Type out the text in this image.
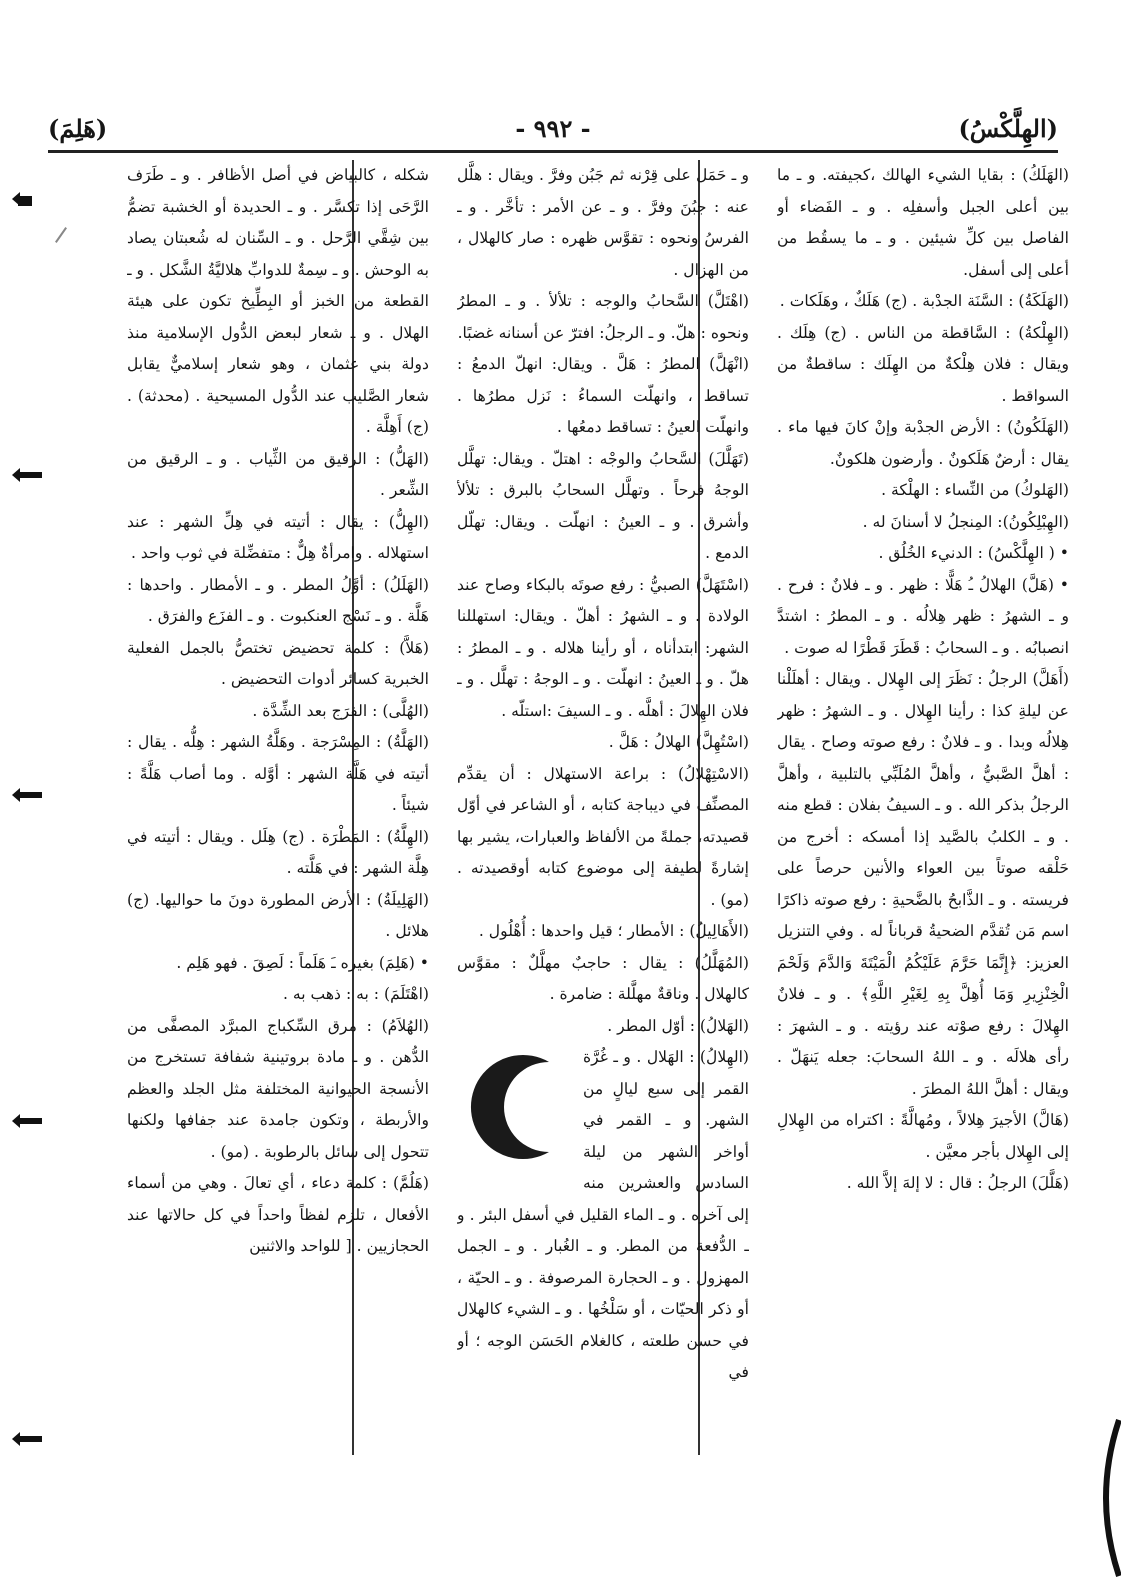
(الهِلَّكْسُ)
- ٩٩٢ -
(هَلِمَ)

(الهَلَكُ) : بقايا الشيء الهالك ،كجيفته. و ـ ما بين أعلى الجبل وأسفلِه . و ـ الفَضاء أو الفاصل بين كلِّ شيئين . و ـ ما يسقُط من أعلى إلى أسفل.

(الهَلَكَةُ) : السَّنَة الجدْبة . (ج) هَلَكٌ ، وهَلَكات .

(الهِلْكةُ) : السَّاقطة من الناس . (ج) هِلَك . ويقال : فلان هِلْكةٌ من الهِلَك : ساقطةٌ من السواقط .

(الهَلَكُونُ) : الأرض الجدْبة وإنْ كانَ فيها ماء . يقال : أرضٌ هَلَكونٌ . وأرضون هلكونٌ.

(الهَلوكُ) من النِّساء : الهلْكة .

(الهِبْلِكُونُ): المِنجلُ لا أسنانَ له .

• ( الهِلَّكْسُ) : الدنيء الخُلُق .

• (هَلَّ) الهلالُ ـُ هَلًّا : ظهر . و ـ فلانٌ : فرح . و ـ الشهرُ : ظهر هِلالُه . و ـ المطرُ : اشتدَّ انصبابُه . و ـ السحابُ : قَطَرَ قَطْرًا له صوت .

(أَهَلَّ) الرجلُ : نَظَرَ إلى الهِلال . ويقال : أهلَلْنا عن ليلةِ كذا : رأينا الهِلال . و ـ الشهرُ : ظهر هِلالُه وبدا . و ـ فلانٌ : رفع صوته وصاح . يقال : أهلَّ الصَّبيُّ ، وأهلَّ المُلَبِّي بالتلبية ، وأهلَّ الرجلُ بذكر الله . و ـ السيفُ بفلان : قطع منه . و ـ الكلبُ بالصَّيد إذا أمسكه : أخرج من حَلْقه صوتاً بين العواء والأنين حرصاً على فريسته . و ـ الذَّابحُ بالضَّحيةِ : رفع صوته ذاكرًا اسم مَن تُقدَّم الضحيةُ قرباناً له . وفي التنزيل العزيز: ﴿إِنَّمَا حَرَّمَ عَلَيْكُمُ الْمَيْتَةَ وَالدَّمَ وَلَحْمَ الْخِنْزِيرِ وَمَا أُهِلَّ بِهِ لِغَيْرِ اللَّهِ﴾ . و ـ فلانٌ الهِلالَ : رفع صوْته عند رؤيته . و ـ الشهرَ : رأى هلالَه . و ـ اللهُ السحابَ: جعله يَنهَلّ . ويقال : أهلَّ اللهُ المطرَ .

(هَالَّ) الأجيرَ هِلالاً ، ومُهالَّةً : اكتراه من الهِلالِ إلى الهِلال بأجر معيَّن .

(هَلَّلَ) الرجلُ : قال : لا إلهَ إلاَّ الله .

و ـ حَمَل على قِرْنه ثم جَبُن وفرَّ . ويقال : هلَّل عنه : جبُنَ وفرَّ . و ـ عن الأمر : تأخَّر . و ـ الفرسُ ونحوه : تقوَّس ظهره : صار كالهلال ، من الهزال .

(اهْتَلَّ) السَّحابُ والوجه : تلألأ . و ـ المطرُ ونحوه : هلّ. و ـ الرجلُ: افترّ عن أسنانه غضبًا.

(انْهَلَّ) المطرُ : هَلَّ . ويقال: انهلّ الدمعُ : تساقط ، وانهلّت السماءُ : نَزل مطرُها . وانهلّت العينُ : تساقط دمعُها .

(تَهَلَّلَ) السَّحابُ والوجْه : اهتلّ . ويقال: تهلَّل الوجهُ فرحاً . وتهلَّل السحابُ بالبرق : تلألأ وأشرق . و ـ العينُ : انهلّت . ويقال: تهلّل الدمع .

(اسْتَهَلَّ) الصبيُّ : رفع صوتَه بالبكاء وصاح عند الولادة . و ـ الشهرُ : أهلّ . ويقال: استهللنا الشهر: ابتدأناه ، أو رأينا هلاله . و ـ المطرُ : هلّ . و ـ العينُ : انهلّت . و ـ الوجهُ : تهلَّل . و ـ فلان الهِلالَ : أهلَّه . و ـ السيفَ :استلّه .

(اسْتُهِلَّ) الهلالُ : هَلَّ .

(الاسْتِهْلالُ) : براعة الاستهلال : أن يقدِّم المصنِّف في ديباجة كتابه ، أو الشاعر في أوّل قصيدته، جملةً من الألفاظ والعبارات، يشير بها إشارةً لطيفة إلى موضوع كتابه أوقصيدته . (مو) .

(الأَهَالِيلُ) : الأمطار ؛ قيل واحدها : أُهْلُول .

(المُهَلَّلُ) : يقال : حاجبٌ مهلَّلٌ : مقوَّس كالهلال . وناقةٌ مهلَّلة : ضامرة .

(الهَلالُ) : أوّل المطر .

(الهِلالُ) : الهَلال . و ـ غُرَّة القمر إلى سبع ليالٍ من الشهر. و ـ القمر في أواخر الشهر من ليلة السادس والعشرين منه إلى آخره . و ـ الماء القليل في أسفل البئر . و ـ الدُّفعة من المطر. و ـ الغُبار . و ـ الجمل المهزول . و ـ الحجارة المرصوفة . و ـ الحيّة ، أو ذكر الحيّات ، أو سَلْخُها . و ـ الشيء كالهلال في حسن طلعته ، كالغلام الحَسَن الوجه ؛ أو في

شكله ، كالبياض في أصل الأظافر . و ـ طَرَف الرَّحَى إذا تكسَّر . و ـ الحديدة أو الخشبة تضمُّ بين شِقَّي الرَّحل . و ـ السِّنان له شُعبتان يصاد به الوحش . و ـ سِمةٌ للدوابِّ هلاليَّةُ الشَّكل . و ـ القطعة من الخبز أو البِطِّيخ تكون على هيئة الهلال . و ـ شعار لبعض الدُّول الإسلامية منذ دولة بني عثمان ، وهو شعار إسلاميٌّ يقابل شعار الصَّليب عند الدُّول المسيحية . (محدثة) . (ج) أَهِلَّة .

(الهَلُّ) : الرقيق من الثِّياب . و ـ الرقيق من الشِّعر .

(الهِلُّ) : يقال : أتيته في هِلِّ الشهر : عند استهلاله . وامرأةٌ هِلٌّ : متفضِّلة في ثوب واحد .

(الهَلَلُ) : أوَّلُ المطر . و ـ الأمطار . واحدها : هَلَّة . و ـ نَسْج العنكبوت . و ـ الفزَع والفرَق .

(هَلاَّ) : كلمة تحضيض تختصُّ بالجمل الفعلية الخبرية كسائر أدوات التحضيض .

(الهُلَّى) : الفرَج بعد الشِّدَّة .

(الهَلَّةُ) : المِسْرَجة . وهَلَّةُ الشهر : هِلُّه . يقال : أتيته في هَلَّة الشهر : أوَّله . وما أصاب هَلَّةً : شيئاً .

(الهِلَّةُ) : المَطْرَة . (ج) هِلَل . ويقال : أتيته في هِلَّة الشهر : في هَلَّته .

(الهَلِيلَةُ) : الأرض المطورة دونَ ما حواليها. (ج) هلائل .

• (هَلِمَ) بغيره ـَ هَلَماً : لَصِقَ . فهو هَلِم .

(اهْتَلَمَ) : به : ذهب به .

(الهُلاَمُ) : مرق السِّكباج المبرَّد المصفَّى من الدُّهن . و ـ مادة بروتينية شفافة تستخرج من الأنسجة الحيوانية المختلفة مثل الجلد والعظم والأربطة ، وتكون جامدة عند جفافها ولكنها تتحول إلى سائل بالرطوبة . (مو) .

(هَلُمَّ) : كلمة دعاء ، أي تعالَ . وهي من أسماء الأفعال ، تلزم لفظاً واحداً في كل حالاتها عند الحجازيين . [ للواحد والاثنين
